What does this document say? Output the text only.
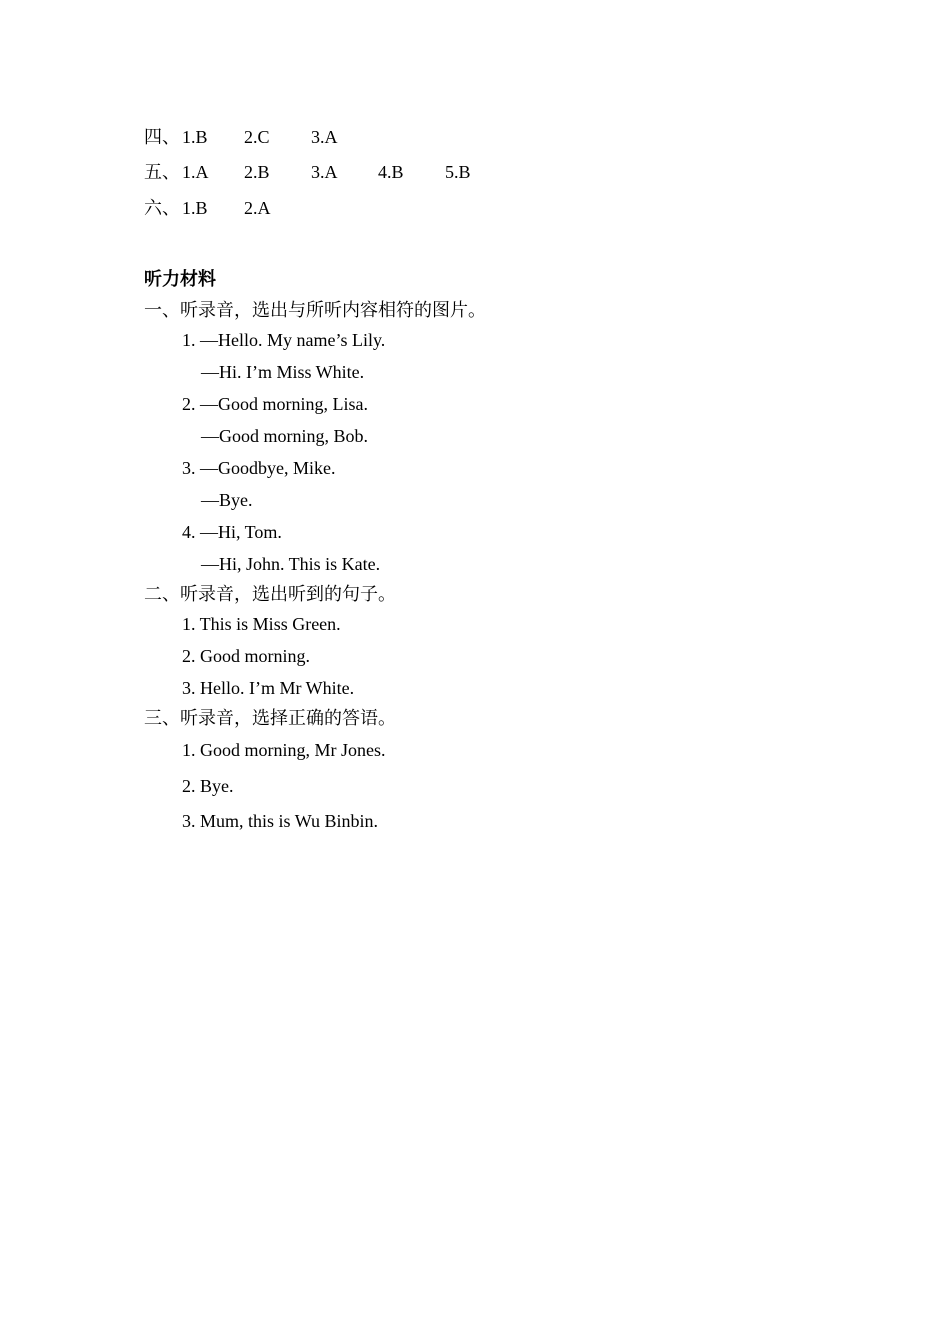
四、 1.B 2.C 3.A
五、 1.A 2.B 3.A 4.B 5.B
六、 1.B 2.A
听力材料
一、听录音，选出与所听内容相符的图片。
1. —Hello. My name’s Lily.
—Hi. I’m Miss White.
2. —Good morning, Lisa.
—Good morning, Bob.
3. —Goodbye, Mike.
—Bye.
4. —Hi, Tom.
—Hi, John. This is Kate.
二、听录音，选出听到的句子。
1. This is Miss Green.
2. Good morning.
3. Hello. I’m Mr White.
三、听录音，选择正确的答语。
1. Good morning, Mr Jones.
2. Bye.
3. Mum, this is Wu Binbin.
